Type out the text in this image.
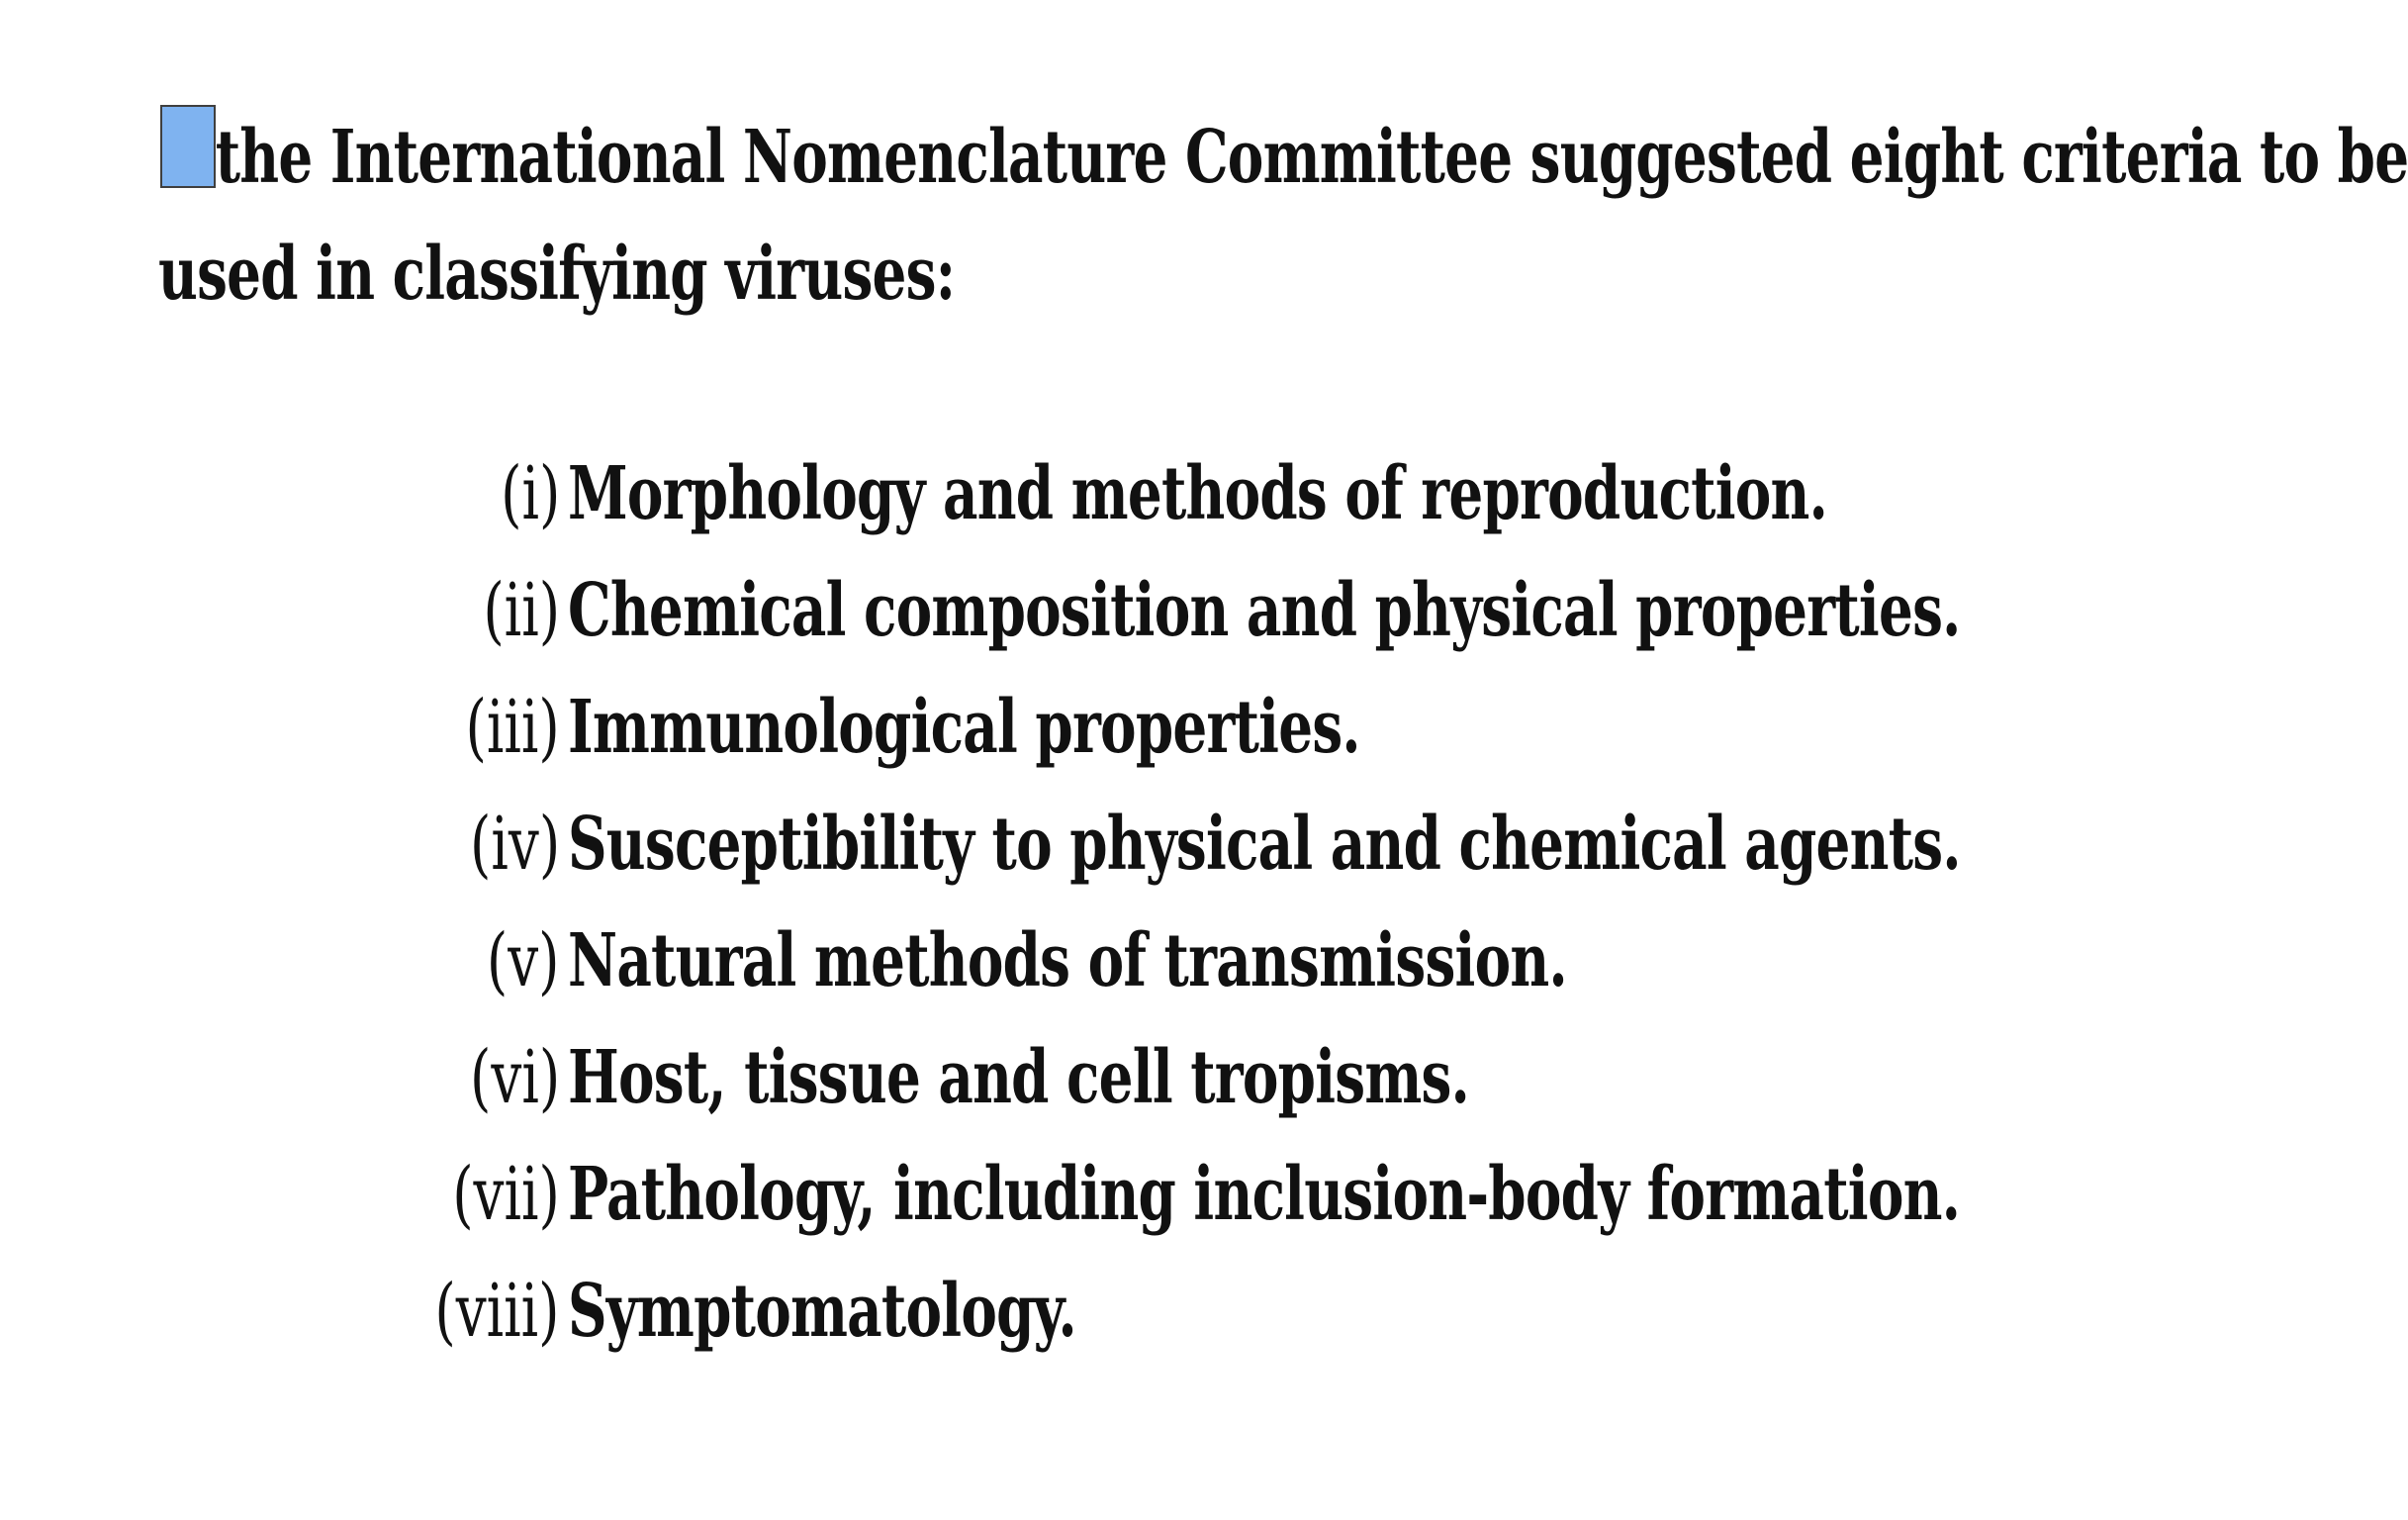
the International Nomenclature Committee suggested eight criteria to be
used in classifying viruses:
(i) Morphology and methods of reproduction.
(ii) Chemical composition and physical properties.
(iii) Immunological properties.
(iv) Susceptibility to physical and chemical agents.
(v) Natural methods of transmission.
(vi) Host, tissue and cell tropisms.
(vii) Pathology, including inclusion-body formation.
(viii) Symptomatology.
